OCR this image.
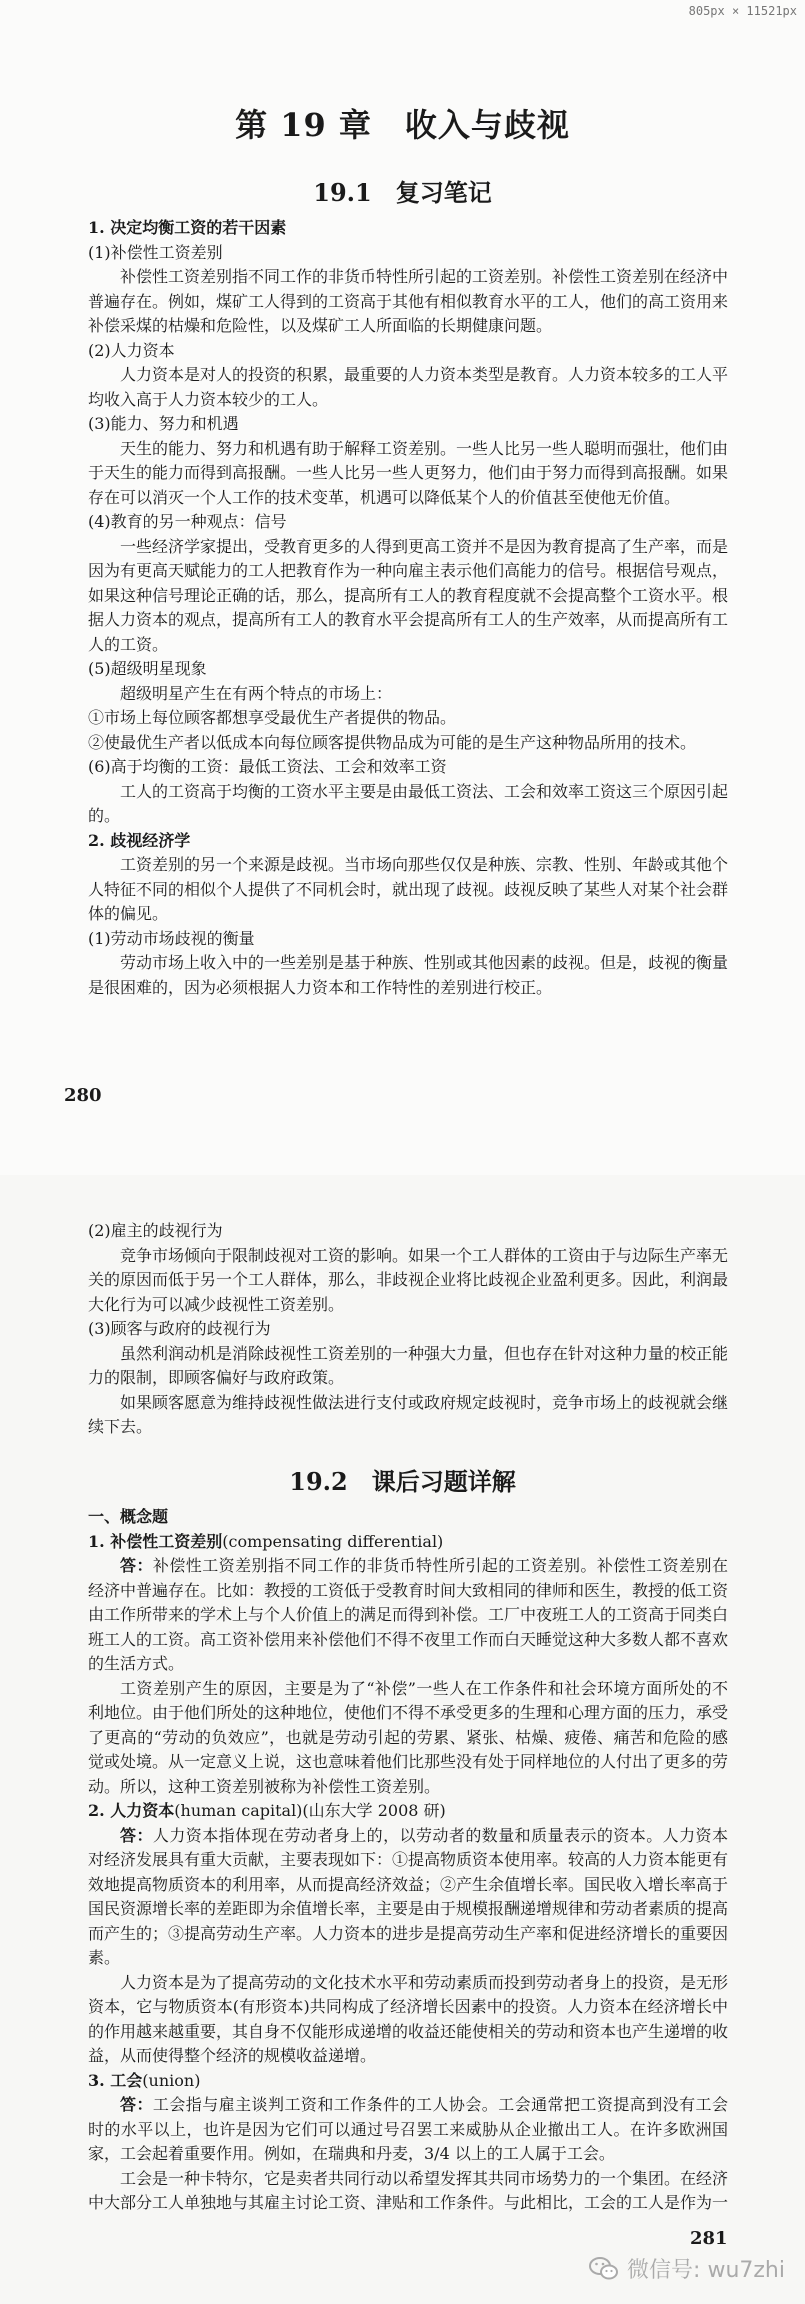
805px × 11521px
第 19 章　收入与歧视
19.1　复习笔记

1. 决定均衡工资的若干因素

(1)补偿性工资差别

补偿性工资差别指不同工作的非货币特性所引起的工资差别。补偿性工资差别在经济中普遍存在。例如，煤矿工人得到的工资高于其他有相似教育水平的工人，他们的高工资用来补偿采煤的枯燥和危险性，以及煤矿工人所面临的长期健康问题。

(2)人力资本

人力资本是对人的投资的积累，最重要的人力资本类型是教育。人力资本较多的工人平均收入高于人力资本较少的工人。

(3)能力、努力和机遇

天生的能力、努力和机遇有助于解释工资差别。一些人比另一些人聪明而强壮，他们由于天生的能力而得到高报酬。一些人比另一些人更努力，他们由于努力而得到高报酬。如果存在可以消灭一个人工作的技术变革，机遇可以降低某个人的价值甚至使他无价值。

(4)教育的另一种观点：信号

一些经济学家提出，受教育更多的人得到更高工资并不是因为教育提高了生产率，而是因为有更高天赋能力的工人把教育作为一种向雇主表示他们高能力的信号。根据信号观点，如果这种信号理论正确的话，那么，提高所有工人的教育程度就不会提高整个工资水平。根据人力资本的观点，提高所有工人的教育水平会提高所有工人的生产效率，从而提高所有工人的工资。

(5)超级明星现象

超级明星产生在有两个特点的市场上：

①市场上每位顾客都想享受最优生产者提供的物品。

②使最优生产者以低成本向每位顾客提供物品成为可能的是生产这种物品所用的技术。

(6)高于均衡的工资：最低工资法、工会和效率工资

工人的工资高于均衡的工资水平主要是由最低工资法、工会和效率工资这三个原因引起的。

2. 歧视经济学

工资差别的另一个来源是歧视。当市场向那些仅仅是种族、宗教、性别、年龄或其他个人特征不同的相似个人提供了不同机会时，就出现了歧视。歧视反映了某些人对某个社会群体的偏见。

(1)劳动市场歧视的衡量

劳动市场上收入中的一些差别是基于种族、性别或其他因素的歧视。但是，歧视的衡量是很困难的，因为必须根据人力资本和工作特性的差别进行校正。

280

(2)雇主的歧视行为

竞争市场倾向于限制歧视对工资的影响。如果一个工人群体的工资由于与边际生产率无关的原因而低于另一个工人群体，那么，非歧视企业将比歧视企业盈利更多。因此，利润最大化行为可以减少歧视性工资差别。

(3)顾客与政府的歧视行为

虽然利润动机是消除歧视性工资差别的一种强大力量，但也存在针对这种力量的校正能力的限制，即顾客偏好与政府政策。

如果顾客愿意为维持歧视性做法进行支付或政府规定歧视时，竞争市场上的歧视就会继续下去。

19.2　课后习题详解

一、概念题

1. 补偿性工资差别(compensating differential)

答：补偿性工资差别指不同工作的非货币特性所引起的工资差别。补偿性工资差别在经济中普遍存在。比如：教授的工资低于受教育时间大致相同的律师和医生，教授的低工资由工作所带来的学术上与个人价值上的满足而得到补偿。工厂中夜班工人的工资高于同类白班工人的工资。高工资补偿用来补偿他们不得不夜里工作而白天睡觉这种大多数人都不喜欢的生活方式。

工资差别产生的原因，主要是为了“补偿”一些人在工作条件和社会环境方面所处的不利地位。由于他们所处的这种地位，使他们不得不承受更多的生理和心理方面的压力，承受了更高的“劳动的负效应”，也就是劳动引起的劳累、紧张、枯燥、疲倦、痛苦和危险的感觉或处境。从一定意义上说，这也意味着他们比那些没有处于同样地位的人付出了更多的劳动。所以，这种工资差别被称为补偿性工资差别。

2. 人力资本(human capital)(山东大学 2008 研)

答：人力资本指体现在劳动者身上的，以劳动者的数量和质量表示的资本。人力资本对经济发展具有重大贡献，主要表现如下：①提高物质资本使用率。较高的人力资本能更有效地提高物质资本的利用率，从而提高经济效益；②产生余值增长率。国民收入增长率高于国民资源增长率的差距即为余值增长率，主要是由于规模报酬递增规律和劳动者素质的提高而产生的；③提高劳动生产率。人力资本的进步是提高劳动生产率和促进经济增长的重要因素。

人力资本是为了提高劳动的文化技术水平和劳动素质而投到劳动者身上的投资，是无形资本，它与物质资本(有形资本)共同构成了经济增长因素中的投资。人力资本在经济增长中的作用越来越重要，其自身不仅能形成递增的收益还能使相关的劳动和资本也产生递增的收益，从而使得整个经济的规模收益递增。

3. 工会(union)

答：工会指与雇主谈判工资和工作条件的工人协会。工会通常把工资提高到没有工会时的水平以上，也许是因为它们可以通过号召罢工来威胁从企业撤出工人。在许多欧洲国家，工会起着重要作用。例如，在瑞典和丹麦，3/4 以上的工人属于工会。

工会是一种卡特尔，它是卖者共同行动以希望发挥其共同市场势力的一个集团。在经济中大部分工人单独地与其雇主讨论工资、津贴和工作条件。与此相比，工会的工人是作为一

281
微信号: wu7zhi
